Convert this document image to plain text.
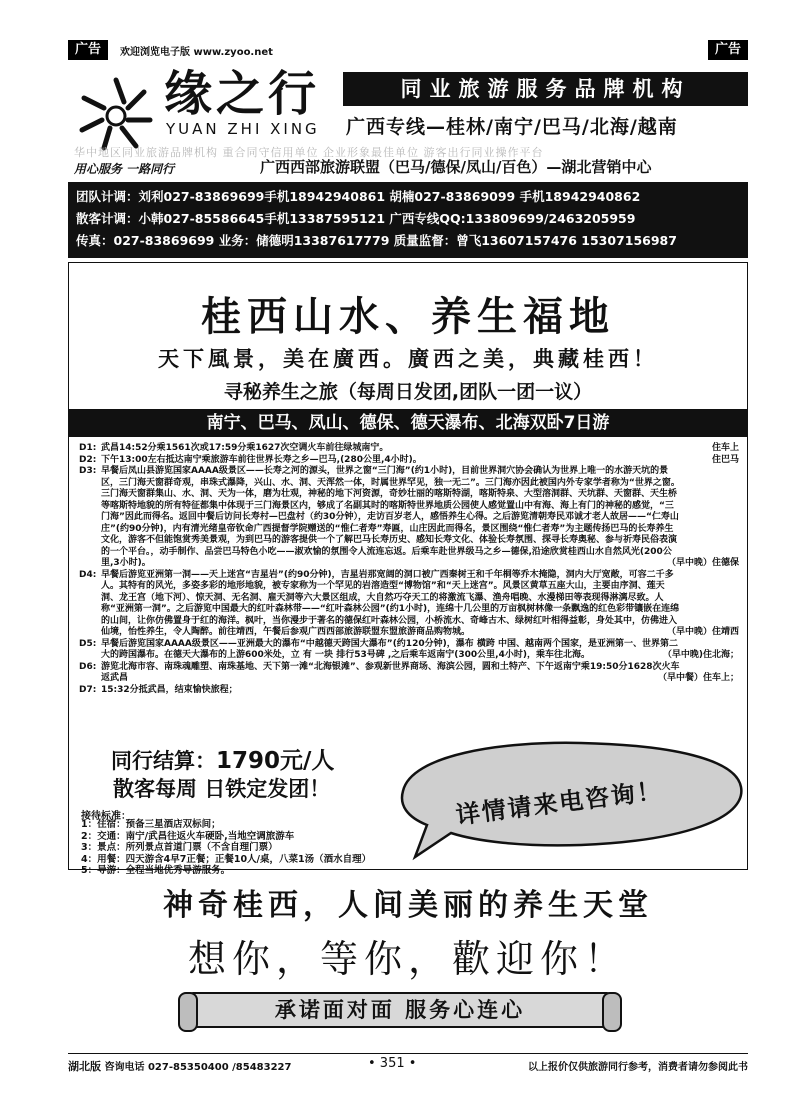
广告	欢迎浏览电子版 www.zyoo.net	广告
缘之行
YUAN ZHI XING
同业旅游服务品牌机构
广西专线—桂林/南宁/巴马/北海/越南
华中地区同业旅游品牌机构 重合同守信用单位 企业形象最佳单位 游客出行同业操作平台
用心服务 一路同行	广西西部旅游联盟（巴马/德保/凤山/百色）—湖北营销中心
团队计调：刘利027-83869699手机18942940861 胡楠027-83869099 手机18942940862
散客计调：小韩027-85586645手机13387595121 广西专线QQ:133809699/2463205959
传真：027-83869699 业务：储德明13387617779 质量监督：曾飞13607157476 15307156987
桂西山水、养生福地
天下風景，美在廣西。廣西之美，典藏桂西！
寻秘养生之旅（每周日发团,团队一团一议）
南宁、巴马、凤山、德保、德天瀑布、北海双卧7日游
D1: 武昌14:52分乘1561次或17:59分乘1627次空调火车前往绿城南宁。	住车上
D2: 下午13:00左右抵达南宁乘旅游车前往世界长寿之乡—巴马,(280公里,4小时)。	住巴马
D3: 早餐后凤山县游览国家AAAA级景区——长寿之河的源头，世界之窗“三门海”(约1小时)，目前世界洞穴协会确认为世界上唯一的水游天坑的景区，三门海天窗群奇观，串珠式瀑降，兴山、水、洞、天浑然一体，时属世界罕见，独一无二”。三门海亦因此被国内外专家学者称为“世界之窗。三门海天窗群集山、水、洞、天为一体，磨为壮观，神秘的地下河资源，奇妙壮丽的喀斯特湖，喀斯特泉、大型溶洞群、天坑群、天窗群、天生桥等喀斯特地貌的所有特征都集中体现于三门海景区内，够成了名副其时的喀斯特世界地质公园使人感觉置山中有海、海上有门的神秘的感觉，“三门海”因此而得名。返回中餐后访问长寿村—巴盘村（约30分钟），走访百岁老人，感悟养生心得。之后游览清朝寿民邓诚才老人故居——“仁寿山庄”(约90分钟)，内有清光绪皇帝钦命广西提督学院赠送的“惟仁者寿”寿匾，山庄因此而得名，景区围绕“惟仁者寿”为主题传扬巴马的长寿养生文化，游客不但能饱赏秀美景观，为到巴马的游客提供一个了解巴马长寿历史、感知长寿文化、体验长寿氛围、探寻长寿奥秘、参与祈寿民俗表演的一个平台。，动手制作、品尝巴马特色小吃——淑欢愉的氛围令人流连忘返。后乘车赴世界级马之乡—德保,沿途欣赏桂西山水自然风光(200公里,3小时)。	（早中晚）住德保
D4: 早餐后游览亚洲第一洞——天上迷宫“吉星岩”(约90分钟)，吉星岩那宽阔的洞口被广西秦树王和千年桐等乔木掩隐，洞内大厅宽敞，可容二千多人。其特有的风光，多姿多彩的地形地貌，被专家称为一个罕见的岩溶造型“博物馆”和“天上迷宫”。风景区黄草五座大山，主要由序洞、莲天洞、龙王宫（地下河）、惊天洞、无名洞、雇天洞等六大景区组成，大自然巧夺天工的将激流飞瀑、渔舟唱晚、水漫梯田等表现得淋漓尽致。人称“亚洲第一洞”。之后游览中国最大的红叶森林带——“红叶森林公园”(约1小时)，连绵十几公里的万亩枫树林像一条飘逸的红色彩带镶嵌在连绵的山间，让你仿佛置身于红的海洋。枫叶，当你漫步于著名的德保红叶森林公园，小桥流水、奇峰古木、绿树红叶相得益彰，身处其中，仿佛进入仙境，怡性养生，令人陶醉。前往靖西，午餐后参观广西西部旅游联盟东盟旅游商品购物城。	（早中晚）住靖西
D5: 早餐后游览国家AAAA级景区——亚洲最大的瀑布“中越德天跨国大瀑布”(约120分钟)，瀑布 横跨 中国、越南两个国家，是亚洲第一、世界第二大的跨国瀑布。在德天大瀑布的上游600米处，立 有 一块 排行53号碑 ,之后乘车返南宁(300公里,4小时)，乘车往北海。	（早中晚)住北海；
D6: 游览北海市容、南珠魂雕塑、南珠基地、天下第一滩“北海银滩”、参观新世界商场、海滨公园，圆和土特产、下午返南宁乘19:50分1628次火车返武昌	（早中餐）住车上；
D7: 15:32分抵武昌，结束愉快旅程；
同行结算：1790元/人
散客每周 日铁定发团！
接待标准：
1：住宿：预备三星酒店双标间；
2：交通：南宁/武昌往返火车硬卧,当地空调旅游车
3：景点：所列景点首道门票（不含自理门票）
4：用餐：四天游含4早7正餐；正餐10人/桌，八菜1汤（酒水自理）
5：导游：全程当地优秀导游服务。
详情请来电咨询！
神奇桂西，人间美丽的养生天堂
想你，等你，歡迎你！
承诺面对面 服务心连心
湖北版 咨询电话 027-85350400 /85483227	• 351 •	以上报价仅供旅游同行参考，消费者请勿参阅此书
